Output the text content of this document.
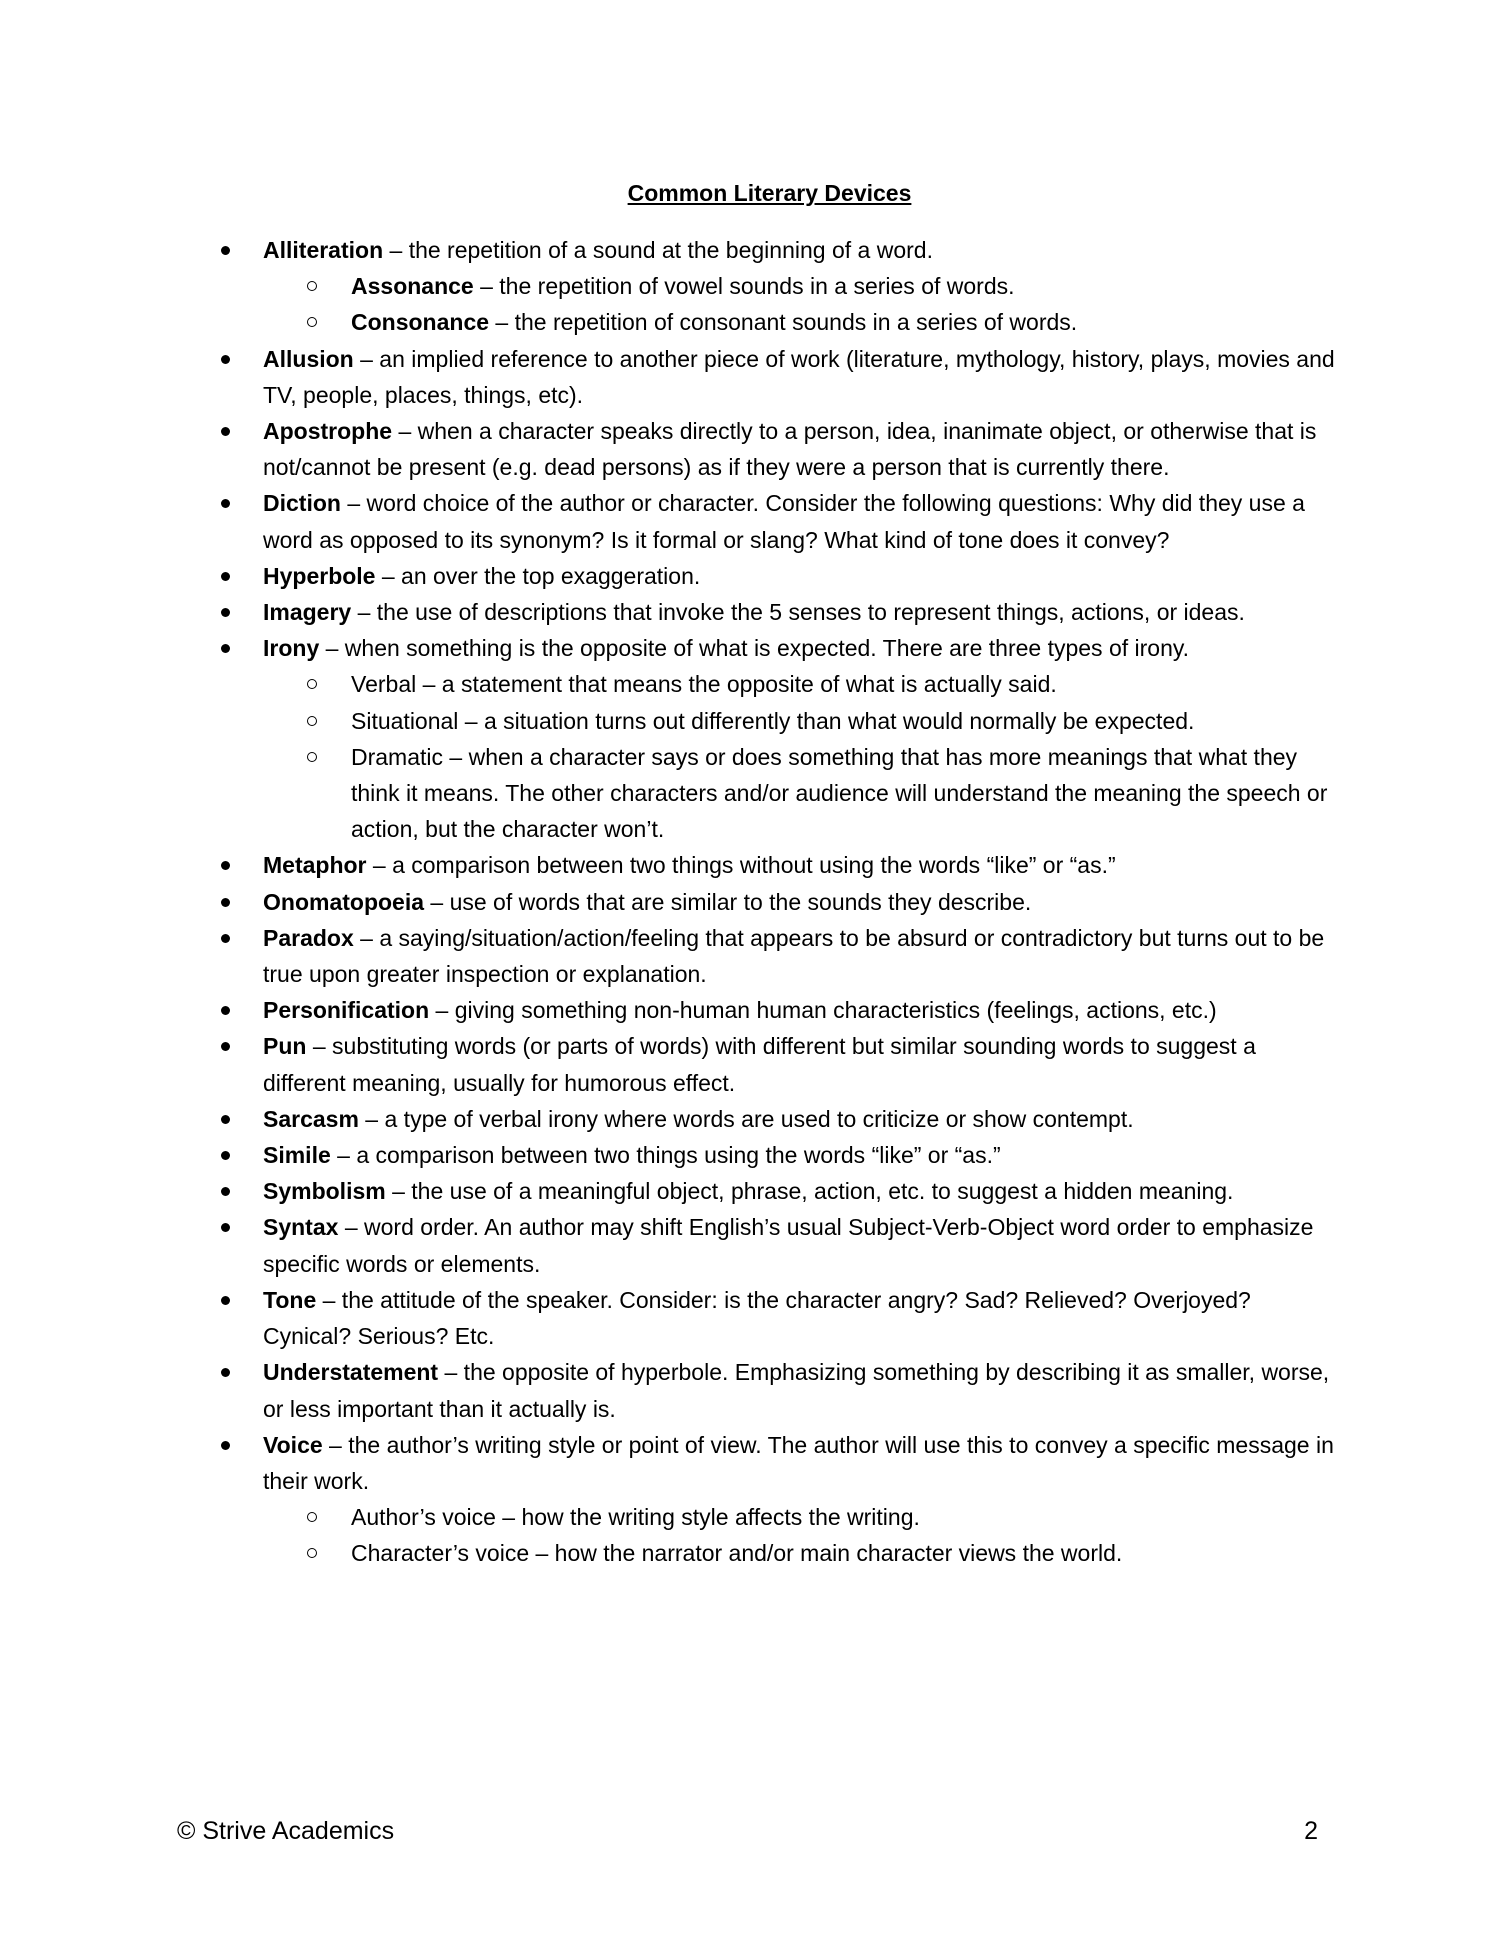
Common Literary Devices
Alliteration – the repetition of a sound at the beginning of a word.
Assonance – the repetition of vowel sounds in a series of words.
Consonance – the repetition of consonant sounds in a series of words.
Allusion – an implied reference to another piece of work (literature, mythology, history, plays, movies and TV, people, places, things, etc).
Apostrophe – when a character speaks directly to a person, idea, inanimate object, or otherwise that is not/cannot be present (e.g. dead persons) as if they were a person that is currently there.
Diction – word choice of the author or character. Consider the following questions: Why did they use a word as opposed to its synonym? Is it formal or slang? What kind of tone does it convey?
Hyperbole – an over the top exaggeration.
Imagery – the use of descriptions that invoke the 5 senses to represent things, actions, or ideas.
Irony – when something is the opposite of what is expected. There are three types of irony.
Verbal – a statement that means the opposite of what is actually said.
Situational – a situation turns out differently than what would normally be expected.
Dramatic – when a character says or does something that has more meanings that what they think it means. The other characters and/or audience will understand the meaning the speech or action, but the character won’t.
Metaphor – a comparison between two things without using the words “like” or “as.”
Onomatopoeia – use of words that are similar to the sounds they describe.
Paradox – a saying/situation/action/feeling that appears to be absurd or contradictory but turns out to be true upon greater inspection or explanation.
Personification – giving something non-human human characteristics (feelings, actions, etc.)
Pun – substituting words (or parts of words) with different but similar sounding words to suggest a different meaning, usually for humorous effect.
Sarcasm – a type of verbal irony where words are used to criticize or show contempt.
Simile – a comparison between two things using the words “like” or “as.”
Symbolism – the use of a meaningful object, phrase, action, etc. to suggest a hidden meaning.
Syntax – word order. An author may shift English’s usual Subject-Verb-Object word order to emphasize specific words or elements.
Tone – the attitude of the speaker. Consider: is the character angry? Sad? Relieved? Overjoyed? Cynical? Serious? Etc.
Understatement – the opposite of hyperbole. Emphasizing something by describing it as smaller, worse, or less important than it actually is.
Voice – the author’s writing style or point of view. The author will use this to convey a specific message in their work.
Author’s voice – how the writing style affects the writing.
Character’s voice – how the narrator and/or main character views the world.
© Strive Academics	2
